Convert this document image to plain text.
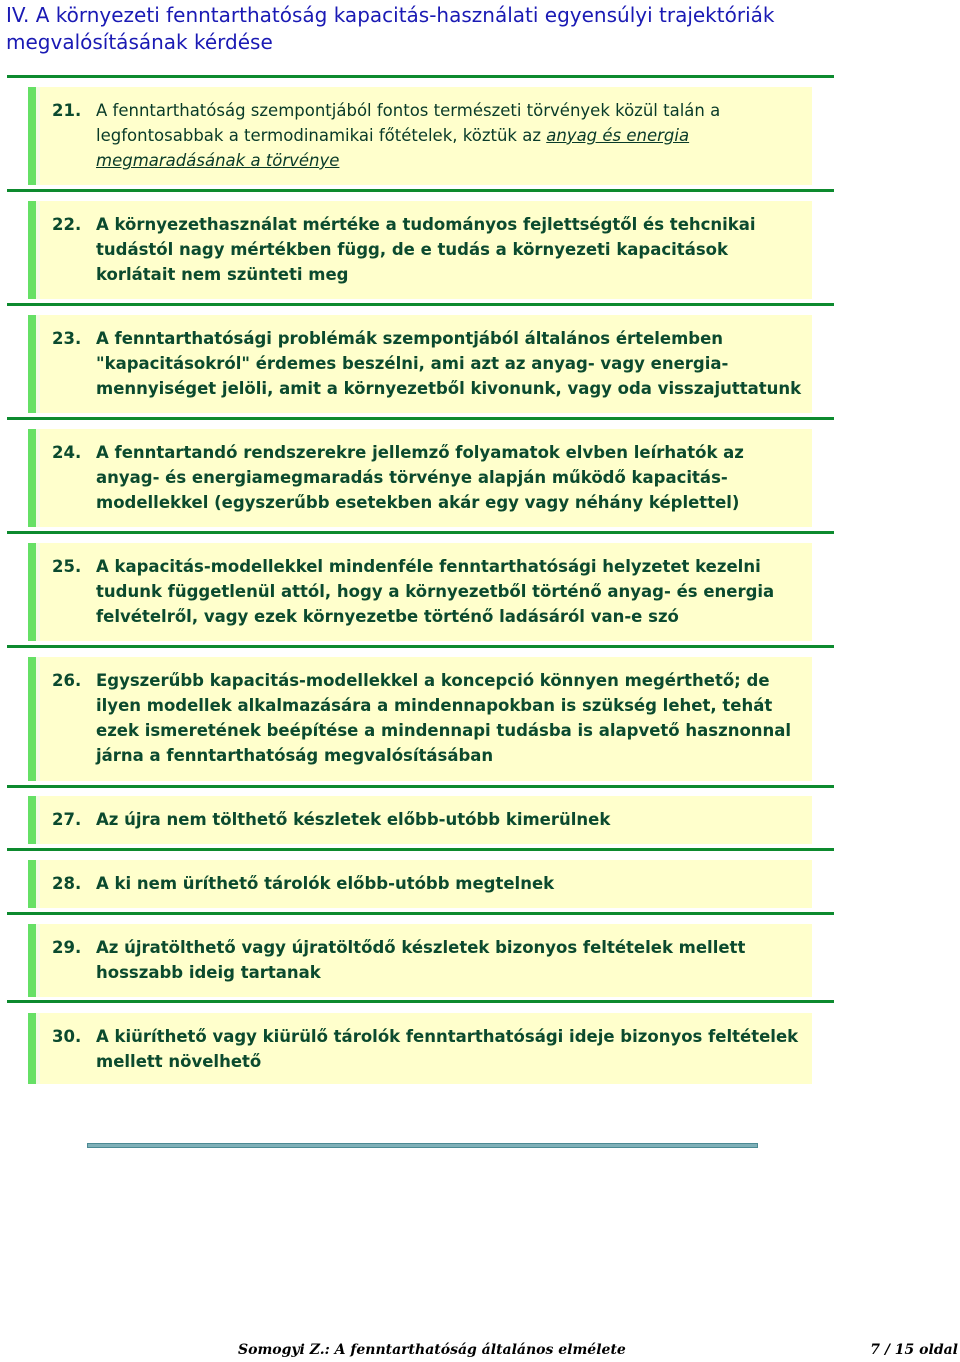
IV. A környezeti fenntarthatóság kapacitás-használati egyensúlyi trajektóriák
megvalósításának kérdése
21. A fenntarthatóság szempontjából fontos természeti törvények közül talán a legfontosabbak a termodinamikai főtételek, köztük az anyag és energia megmaradásának a törvénye
22. A környezethasználat mértéke a tudományos fejlettségtől és tehcnikai tudástól nagy mértékben függ, de e tudás a környezeti kapacitások korlátait nem szünteti meg
23. A fenntarthatósági problémák szempontjából általános értelemben "kapacitásokról" érdemes beszélni, ami azt az anyag- vagy energia-mennyiséget jelöli, amit a környezetből kivonunk, vagy oda visszajuttatunk
24. A fenntartandó rendszerekre jellemző folyamatok elvben leírhatók az anyag- és energiamegmaradás törvénye alapján működő kapacitás-modellekkel (egyszerűbb esetekben akár egy vagy néhány képlettel)
25. A kapacitás-modellekkel mindenféle fenntarthatósági helyzetet kezelni tudunk függetlenül attól, hogy a környezetből történő anyag- és energia felvételről, vagy ezek környezetbe történő ladásáról van-e szó
26. Egyszerűbb kapacitás-modellekkel a koncepció könnyen megérthető; de ilyen modellek alkalmazására a mindennapokban is szükség lehet, tehát ezek ismeretének beépítése a mindennapi tudásba is alapvető hasznonnal járna a fenntarthatóság megvalósításában
27. Az újra nem tölthető készletek előbb-utóbb kimerülnek
28. A ki nem üríthető tárolók előbb-utóbb megtelnek
29. Az újratölthető vagy újratöltődő készletek bizonyos feltételek mellett hosszabb ideig tartanak
30. A kiüríthető vagy kiürülő tárolók fenntarthatósági ideje bizonyos feltételek mellett növelhető
Somogyi Z.: A fenntarthatóság általános elmélete	7 / 15 oldal
